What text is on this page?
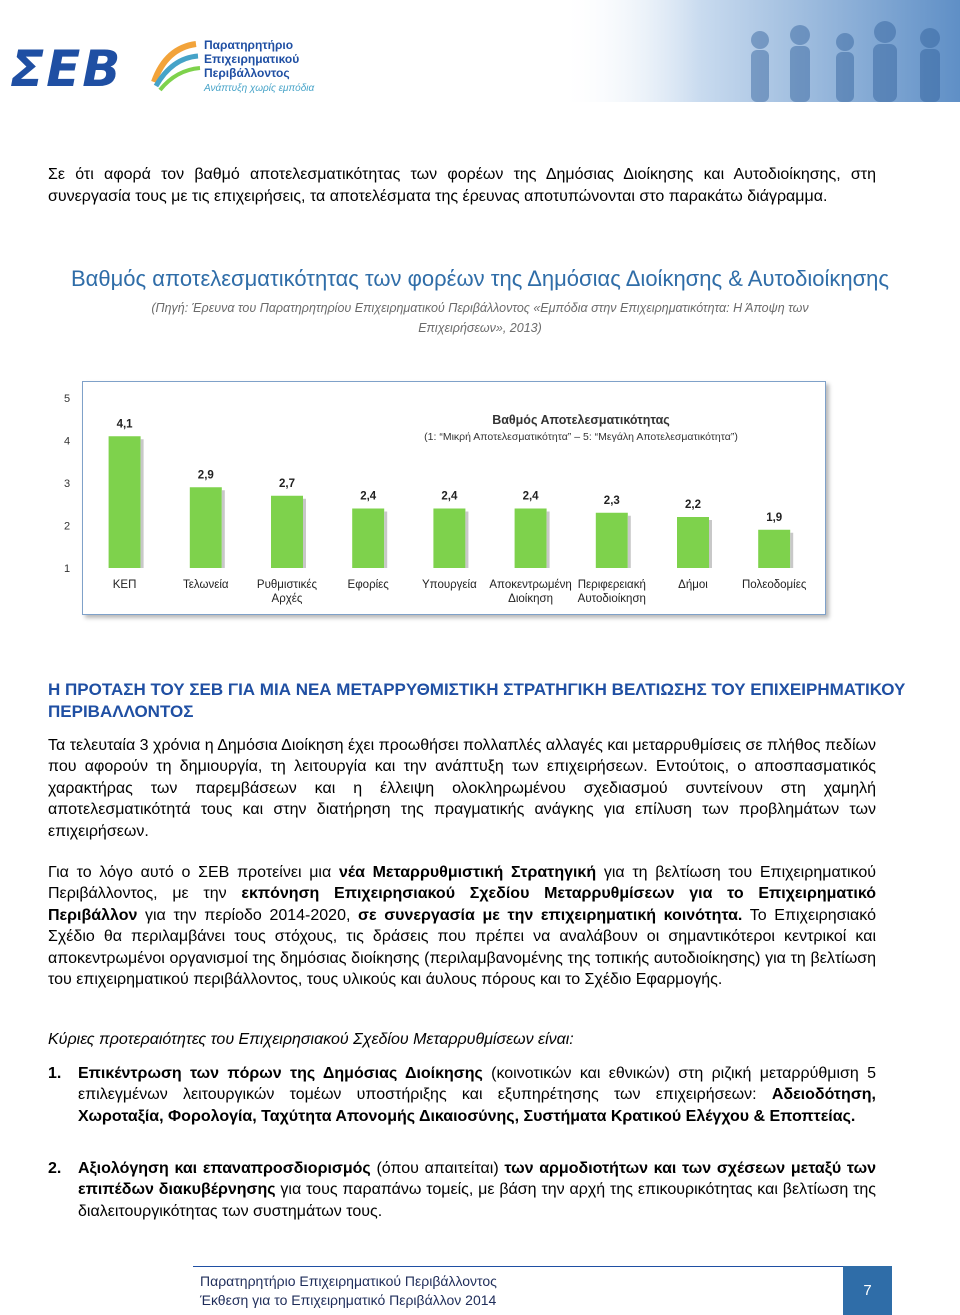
ΣΕΒ	Παρατηρητήριο
Επιχειρηματικού
Περιβάλλοντος
Ανάπτυξη χωρίς εμπόδια
Σε ότι αφορά τον βαθμό αποτελεσματικότητας των φορέων της Δημόσιας Διοίκησης και Αυτοδιοίκησης, στη συνεργασία τους με τις επιχειρήσεις, τα αποτελέσματα της έρευνας αποτυπώνονται στο παρακάτω διάγραμμα.
Βαθμός αποτελεσματικότητας των φορέων της Δημόσιας Διοίκησης & Αυτοδιοίκησης
(Πηγή: Έρευνα του Παρατηρητηρίου Επιχειρηματικού Περιβάλλοντος «Εμπόδια στην Επιχειρηματικότητα: Η Άποψη των Επιχειρήσεων», 2013)
1
2
3
4
5
4,1
ΚΕΠ
2,9
Τελωνεία
2,7
Ρυθμιστικές Αρχές
2,4
Εφορίες
2,4
Υπουργεία
2,4
Αποκεντρωμένη Διοίκηση
2,3
Περιφερειακή Αυτοδιοίκηση
2,2
Δήμοι
1,9
Πολεοδομίες
Βαθμός Αποτελεσματικότητας
(1: “Μικρή Αποτελεσματικότητα” – 5: “Μεγάλη Αποτελεσματικότητα”)
Η ΠΡΟΤΑΣΗ ΤΟΥ ΣΕΒ ΓΙΑ ΜΙΑ ΝΕΑ ΜΕΤΑΡΡΥΘΜΙΣΤΙΚΗ ΣΤΡΑΤΗΓΙΚΗ ΒΕΛΤΙΩΣΗΣ ΤΟΥ ΕΠΙΧΕΙΡΗΜΑΤΙΚΟΥ ΠΕΡΙΒΑΛΛΟΝΤΟΣ
Τα τελευταία 3 χρόνια η Δημόσια Διοίκηση έχει προωθήσει πολλαπλές αλλαγές και μεταρρυθμίσεις σε πλήθος πεδίων που αφορούν τη δημιουργία, τη λειτουργία και την ανάπτυξη των επιχειρήσεων. Εντούτοις, ο αποσπασματικός χαρακτήρας των παρεμβάσεων και η έλλειψη ολοκληρωμένου σχεδιασμού συντείνουν στη χαμηλή αποτελεσματικότητά τους και στην διατήρηση της πραγματικής ανάγκης για επίλυση των προβλημάτων των επιχειρήσεων.
Για το λόγο αυτό ο ΣΕΒ προτείνει μια νέα Μεταρρυθμιστική Στρατηγική για τη βελτίωση του Επιχειρηματικού Περιβάλλοντος, με την εκπόνηση Επιχειρησιακού Σχεδίου Μεταρρυθμίσεων για το Επιχειρηματικό Περιβάλλον για την περίοδο 2014-2020, σε συνεργασία με την επιχειρηματική κοινότητα. Το Επιχειρησιακό Σχέδιο θα περιλαμβάνει τους στόχους, τις δράσεις που πρέπει να αναλάβουν οι σημαντικότεροι κεντρικοί και αποκεντρωμένοι οργανισμοί της δημόσιας διοίκησης (περιλαμβανομένης της τοπικής αυτοδιοίκησης) για τη βελτίωση του επιχειρηματικού περιβάλλοντος, τους υλικούς και άυλους πόρους και το Σχέδιο Εφαρμογής.
Κύριες προτεραιότητες του Επιχειρησιακού Σχεδίου Μεταρρυθμίσεων είναι:
1. Επικέντρωση των πόρων της Δημόσιας Διοίκησης (κοινοτικών και εθνικών) στη ριζική μεταρρύθμιση 5 επιλεγμένων λειτουργικών τομέων υποστήριξης και εξυπηρέτησης των επιχειρήσεων: Αδειοδότηση, Χωροταξία, Φορολογία, Ταχύτητα Απονομής Δικαιοσύνης, Συστήματα Κρατικού Ελέγχου & Εποπτείας.
2. Αξιολόγηση και επαναπροσδιορισμός (όπου απαιτείται) των αρμοδιοτήτων και των σχέσεων μεταξύ των επιπέδων διακυβέρνησης για τους παραπάνω τομείς, με βάση την αρχή της επικουρικότητας και βελτίωση της διαλειτουργικότητας των συστημάτων τους.
Παρατηρητήριο Επιχειρηματικού Περιβάλλοντος
Έκθεση για το Επιχειρηματικό Περιβάλλον 2014
7
